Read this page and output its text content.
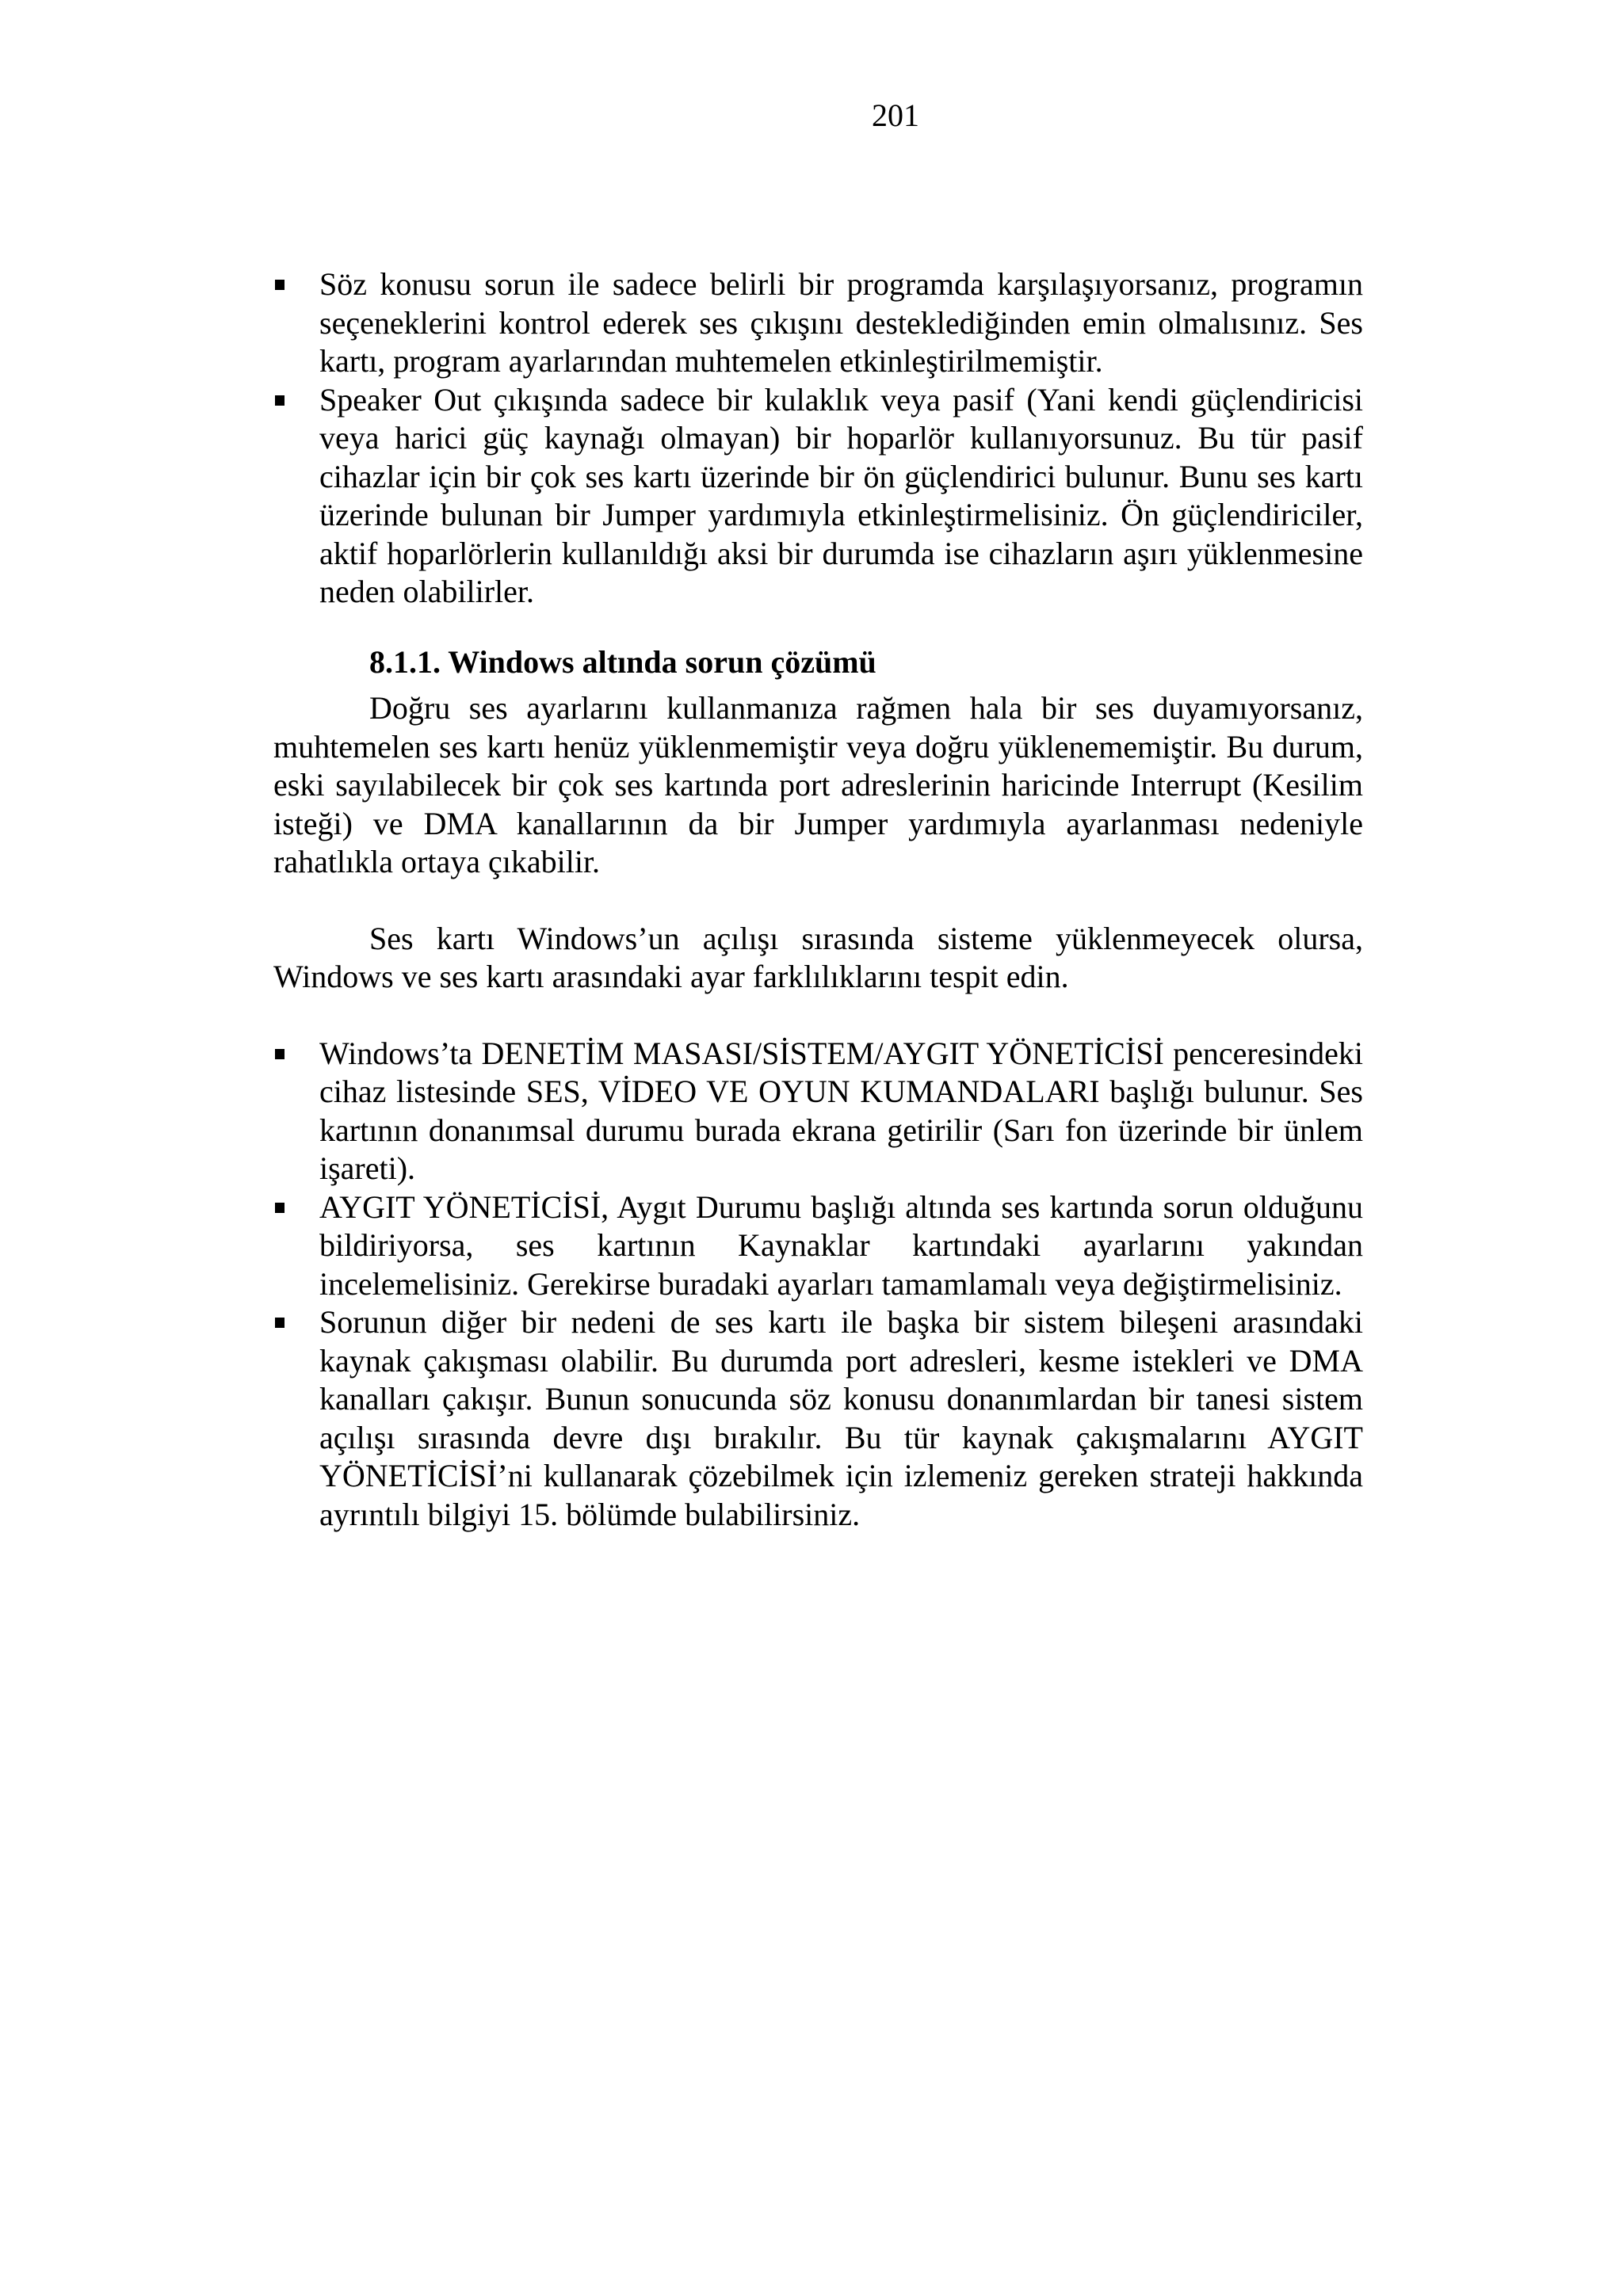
201
Söz konusu sorun ile sadece belirli bir programda karşılaşıyorsanız, programın seçeneklerini kontrol ederek ses çıkışını desteklediğinden emin olmalısınız. Ses kartı, program ayarlarından muhtemelen etkinleştirilmemiştir.
Speaker Out çıkışında sadece bir kulaklık veya pasif (Yani kendi güçlendiricisi veya harici güç kaynağı olmayan) bir hoparlör kullanıyorsunuz. Bu tür pasif cihazlar için bir çok ses kartı üzerinde bir ön güçlendirici bulunur. Bunu ses kartı üzerinde bulunan bir Jumper yardımıyla etkinleştirmelisiniz. Ön güçlendiriciler, aktif hoparlörlerin kullanıldığı aksi bir durumda ise cihazların aşırı yüklenmesine neden olabilirler.
8.1.1. Windows altında sorun çözümü

Doğru ses ayarlarını kullanmanıza rağmen hala bir ses duyamıyorsanız, muhtemelen ses kartı henüz yüklenmemiştir veya doğru yüklenememiştir. Bu durum, eski sayılabilecek bir çok ses kartında port adreslerinin haricinde Interrupt (Kesilim isteği) ve DMA kanallarının da bir Jumper yardımıyla ayarlanması nedeniyle rahatlıkla ortaya çıkabilir.

Ses kartı Windows’un açılışı sırasında sisteme yüklenmeyecek olursa, Windows ve ses kartı arasındaki ayar farklılıklarını tespit edin.

Windows’ta DENETİM MASASI/SİSTEM/AYGIT YÖNETİCİSİ penceresindeki cihaz listesinde SES, VİDEO VE OYUN KUMANDALARI başlığı bulunur. Ses kartının donanımsal durumu burada ekrana getirilir (Sarı fon üzerinde bir ünlem işareti).
AYGIT YÖNETİCİSİ, Aygıt Durumu başlığı altında ses kartında sorun olduğunu bildiriyorsa, ses kartının Kaynaklar kartındaki ayarlarını yakından incelemelisiniz. Gerekirse buradaki ayarları tamamlamalı veya değiştirmelisiniz.
Sorunun diğer bir nedeni de ses kartı ile başka bir sistem bileşeni arasındaki kaynak çakışması olabilir. Bu durumda port adresleri, kesme istekleri ve DMA kanalları çakışır. Bunun sonucunda söz konusu donanımlardan bir tanesi sistem açılışı sırasında devre dışı bırakılır. Bu tür kaynak çakışmalarını AYGIT YÖNETİCİSİ’ni kullanarak çözebilmek için izlemeniz gereken strateji hakkında ayrıntılı bilgiyi 15. bölümde bulabilirsiniz.
